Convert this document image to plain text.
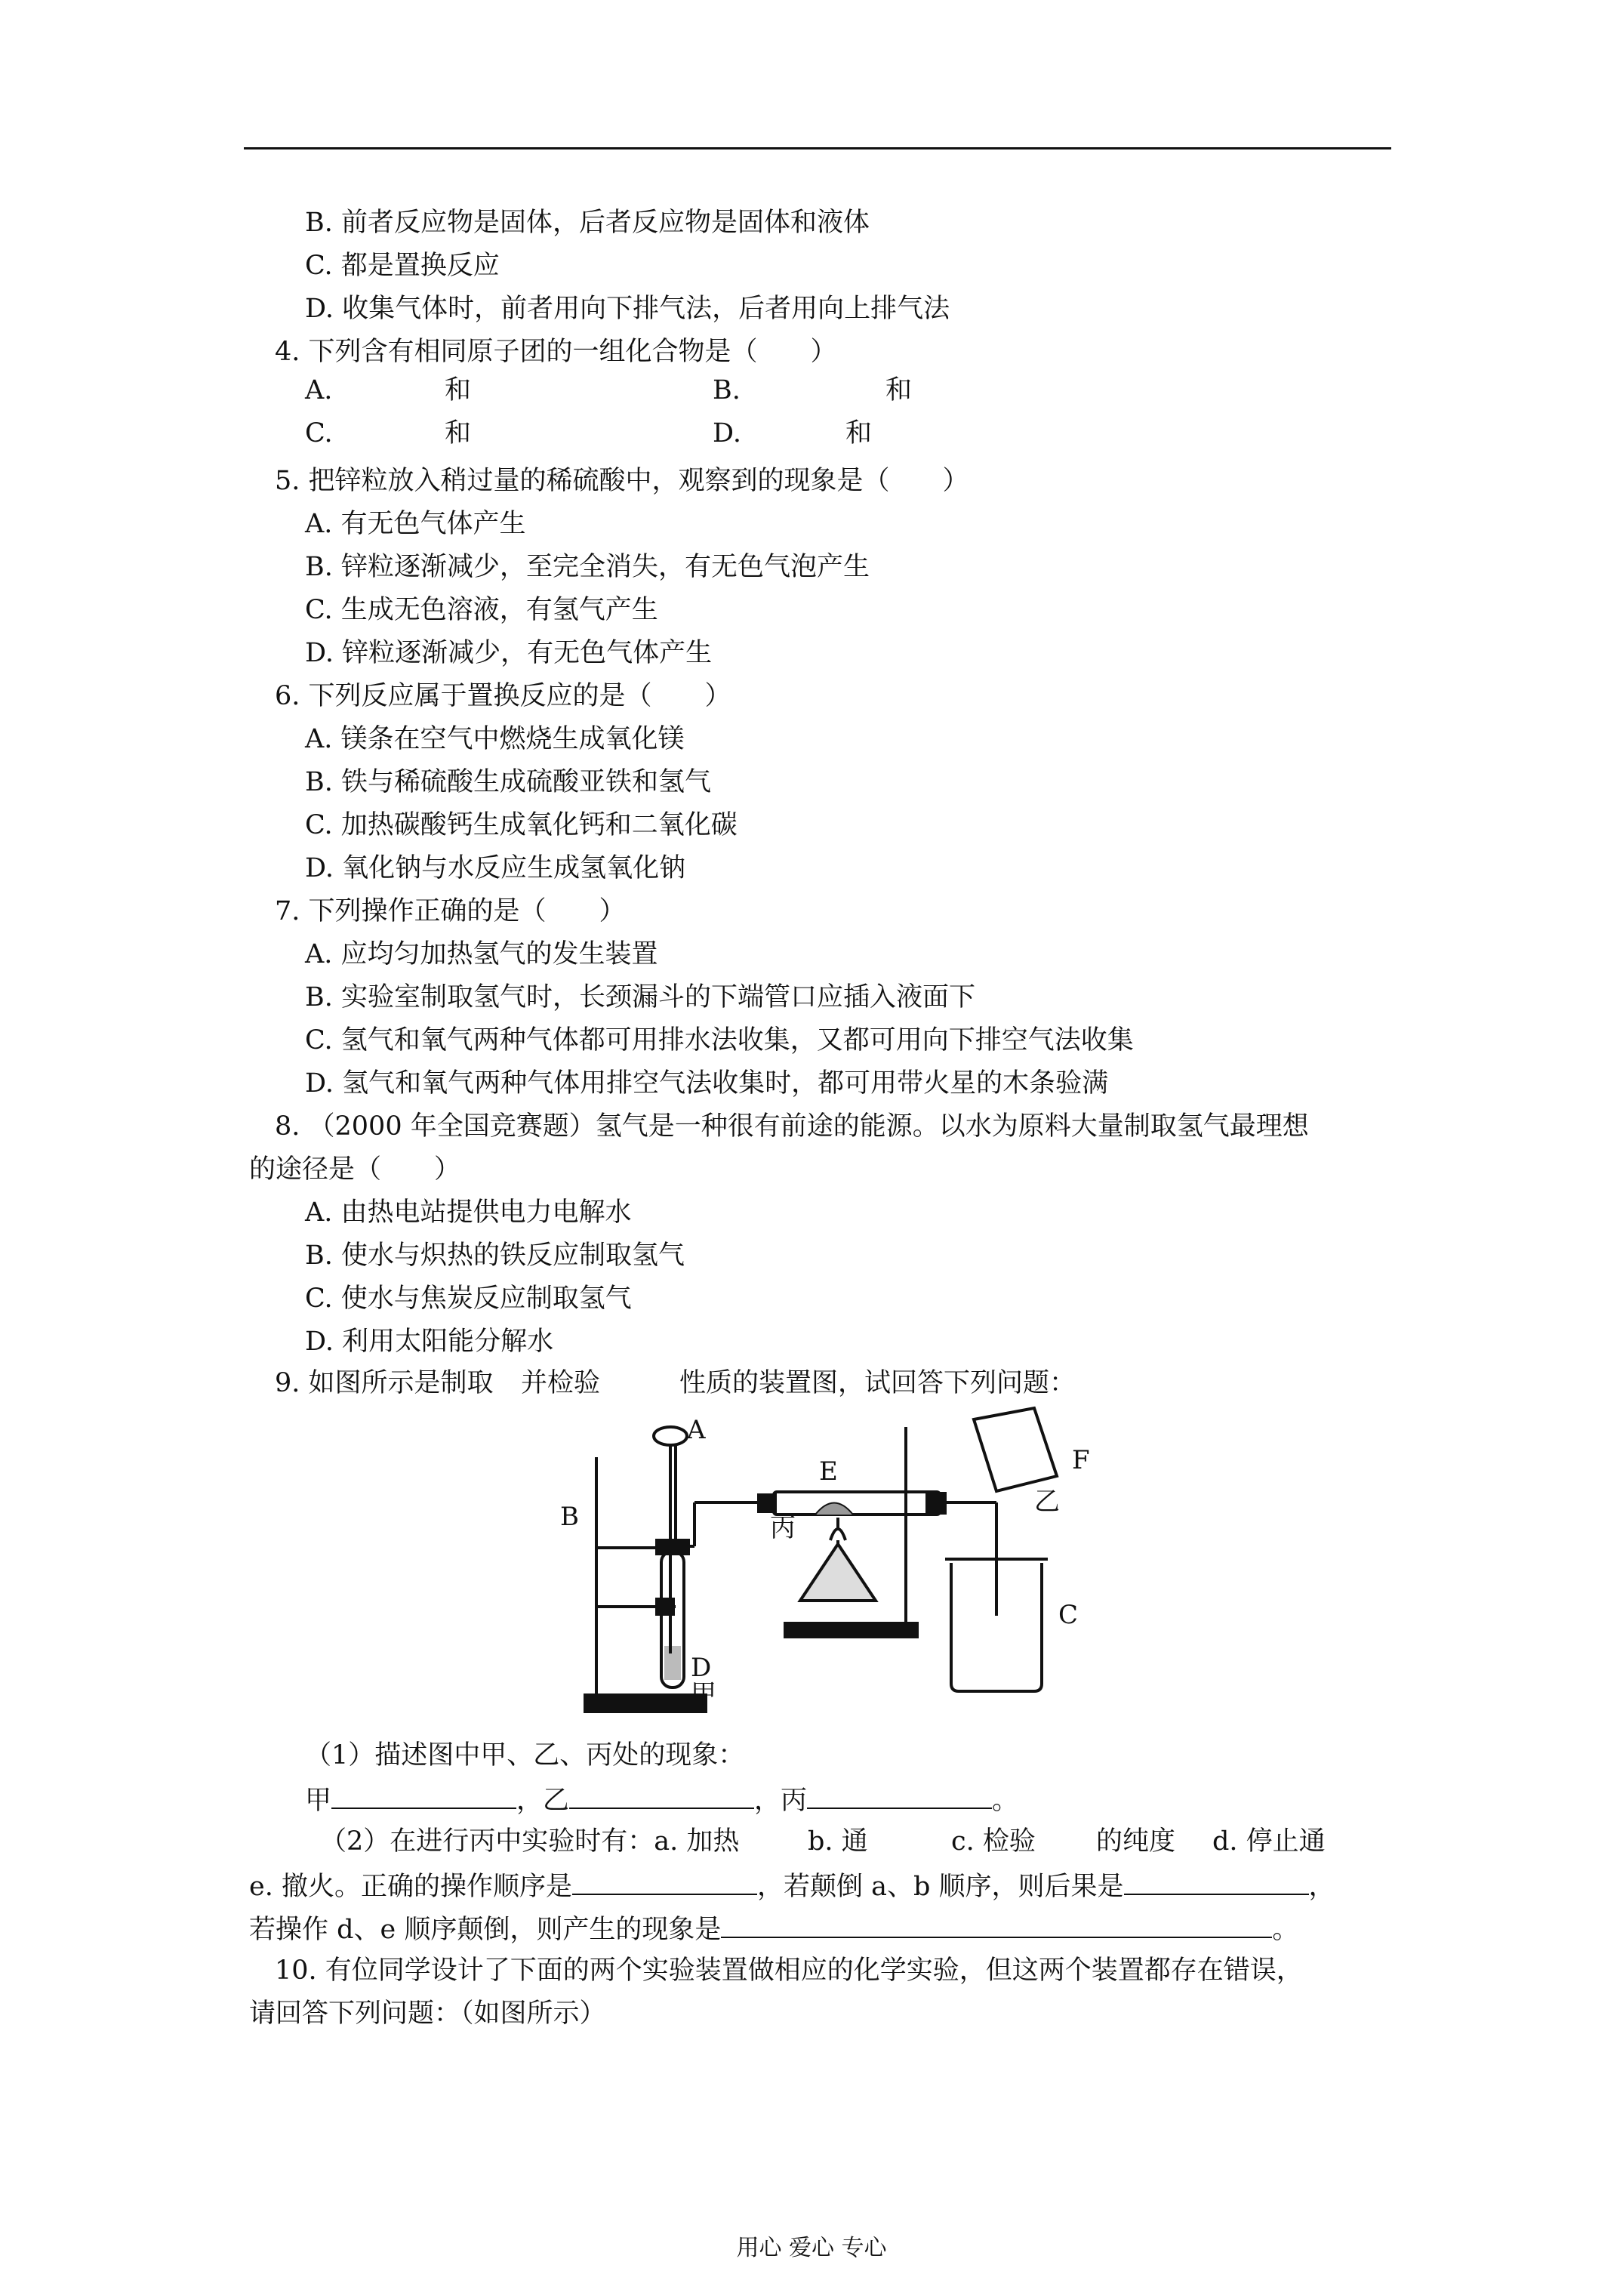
B. 前者反应物是固体，后者反应物是固体和液体
C. 都是置换反应
D. 收集气体时，前者用向下排气法，后者用向上排气法
4. 下列含有相同原子团的一组化合物是（　　）
A.	和	B.	和
C.	和	D.	和
5. 把锌粒放入稍过量的稀硫酸中，观察到的现象是（　　）
A. 有无色气体产生
B. 锌粒逐渐减少，至完全消失，有无色气泡产生
C. 生成无色溶液，有氢气产生
D. 锌粒逐渐减少，有无色气体产生
6. 下列反应属于置换反应的是（　　）
A. 镁条在空气中燃烧生成氧化镁
B. 铁与稀硫酸生成硫酸亚铁和氢气
C. 加热碳酸钙生成氧化钙和二氧化碳
D. 氧化钠与水反应生成氢氧化钠
7. 下列操作正确的是（　　）
A. 应均匀加热氢气的发生装置
B. 实验室制取氢气时，长颈漏斗的下端管口应插入液面下
C. 氢气和氧气两种气体都可用排水法收集，又都可用向下排空气法收集
D. 氢气和氧气两种气体用排空气法收集时，都可用带火星的木条验满
8. （2000 年全国竞赛题）氢气是一种很有前途的能源。以水为原料大量制取氢气最理想
的途径是（　　）
A. 由热电站提供电力电解水
B. 使水与炽热的铁反应制取氢气
C. 使水与焦炭反应制取氢气
D. 利用太阳能分解水
9. 如图所示是制取 并检验	性质的装置图，试回答下列问题：
A
B
C
D
甲
E	F
乙
丙
（1）描述图中甲、乙、丙处的现象：
甲	，乙	，丙	。
（2）在进行丙中实验时有：a. 加热	b. 通	c. 检验 的纯度 d. 停止通
e. 撤火。正确的操作顺序是	，若颠倒 a、b 顺序，则后果是	，
若操作 d、e 顺序颠倒，则产生的现象是	。
10. 有位同学设计了下面的两个实验装置做相应的化学实验，但这两个装置都存在错误，
请回答下列问题：（如图所示）
用心 爱心 专心
